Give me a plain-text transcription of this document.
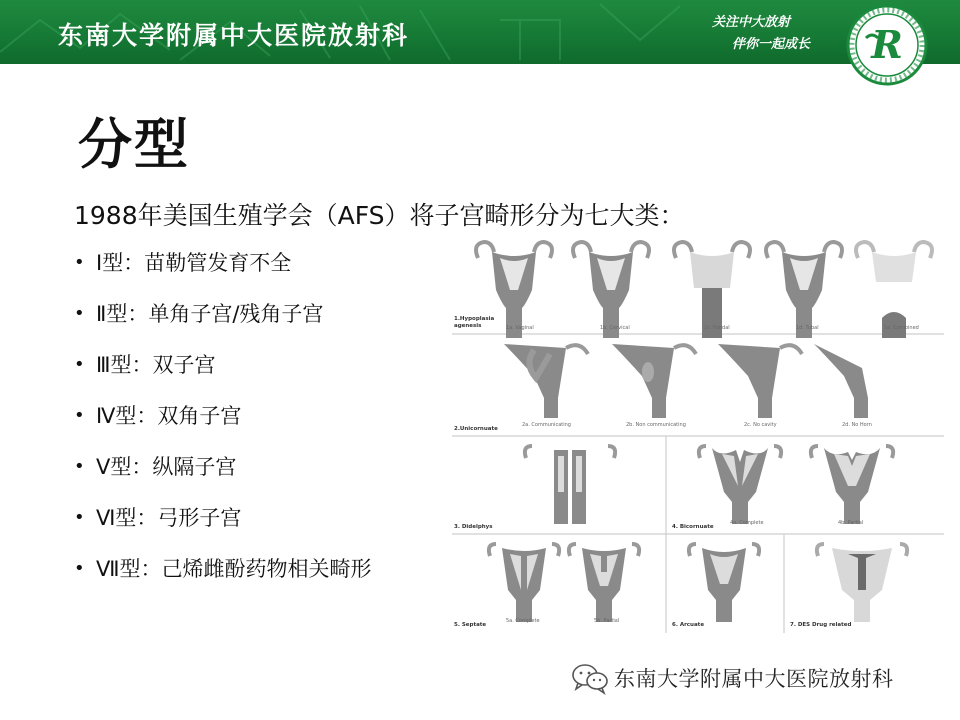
东南大学附属中大医院放射科	关注中大放射
伴你一起成长	R
分型
1988年美国生殖学会（AFS）将子宫畸形分为七大类：
• Ⅰ型：苗勒管发育不全
• Ⅱ型：单角子宫/残角子宫
• Ⅲ型：双子宫
• Ⅳ型：双角子宫
• Ⅴ型：纵隔子宫
• Ⅵ型：弓形子宫
• Ⅶ型：己烯雌酚药物相关畸形
1.Hypoplasia
agenesis	1a. Vaginal	1b. Cervical	1c. Fundal	1d. Tubal	1e. Combined
2.Unicornuate
2a. Communicating	2b. Non communicating	2c. No cavity	2d. No Horn
3. Didelphys	4. Bicornuate
4a. Complete	4b. Partial
5. Septate
5a. Complete	5b. Partial
6. Arcuate	7. DES Drug related
东南大学附属中大医院放射科
